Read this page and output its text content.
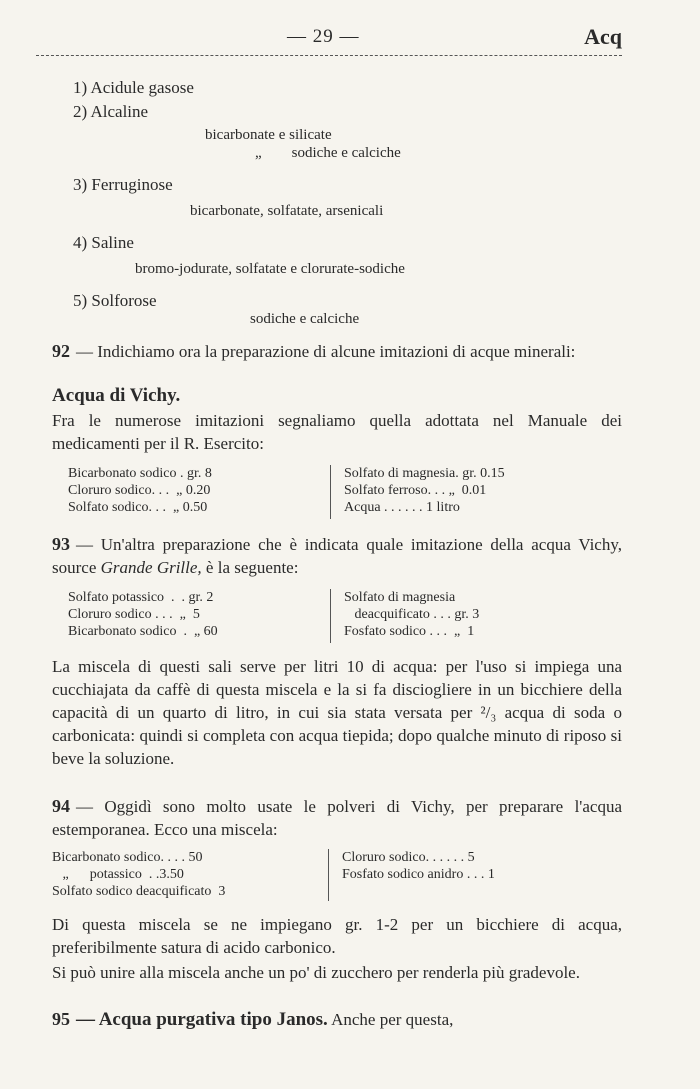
— 29 —	Acq
1) Acidule gasose
2) Alcaline
bicarbonate e silicate
„        sodiche e calciche
3) Ferruginose
bicarbonate, solfatate, arsenicali
4) Saline
bromo-jodurate, solfatate e clorurate-sodiche
5) Solforose
sodiche e calciche
92 — Indichiamo ora la preparazione di alcune imitazioni di acque minerali:
Acqua di Vichy.
Fra le numerose imitazioni segnaliamo quella adottata nel Manuale dei medicamenti per il R. Esercito:
Bicarbonato sodico . gr. 8
Cloruro sodico. . .  „ 0.20
Solfato sodico. . .  „ 0.50
Solfato di magnesia. gr. 0.15
Solfato ferroso. . . „  0.01
Acqua . . . . . . 1 litro
93 — Un'altra preparazione che è indicata quale imitazione della acqua Vichy, source Grande Grille, è la seguente:
Solfato potassico  .  . gr. 2
Cloruro sodico . . .  „  5
Bicarbonato sodico  .  „ 60
Solfato di magnesia
deacquificato . . . gr. 3
Fosfato sodico . . .  „  1
La miscela di questi sali serve per litri 10 di acqua: per l'uso si impiega una cucchiajata da caffè di questa miscela e la si fa disciogliere in un bicchiere della capacità di un quarto di litro, in cui sia stata versata per ²/₃ acqua di soda o carbonicata: quindi si completa con acqua tiepida; dopo qualche minuto di riposo si beve la soluzione.
94 — Oggidì sono molto usate le polveri di Vichy, per preparare l'acqua estemporanea. Ecco una miscela:
Bicarbonato sodico. . . . 50
„      potassico  . .3.50
Solfato sodico deacquificato  3
Cloruro sodico. . . . . . 5
Fosfato sodico anidro . . . 1
Di questa miscela se ne impiegano gr. 1-2 per un bicchiere di acqua, preferibilmente satura di acido carbonico.
Si può unire alla miscela anche un po' di zucchero per renderla più gradevole.
95 — Acqua purgativa tipo Janos. Anche per questa,
